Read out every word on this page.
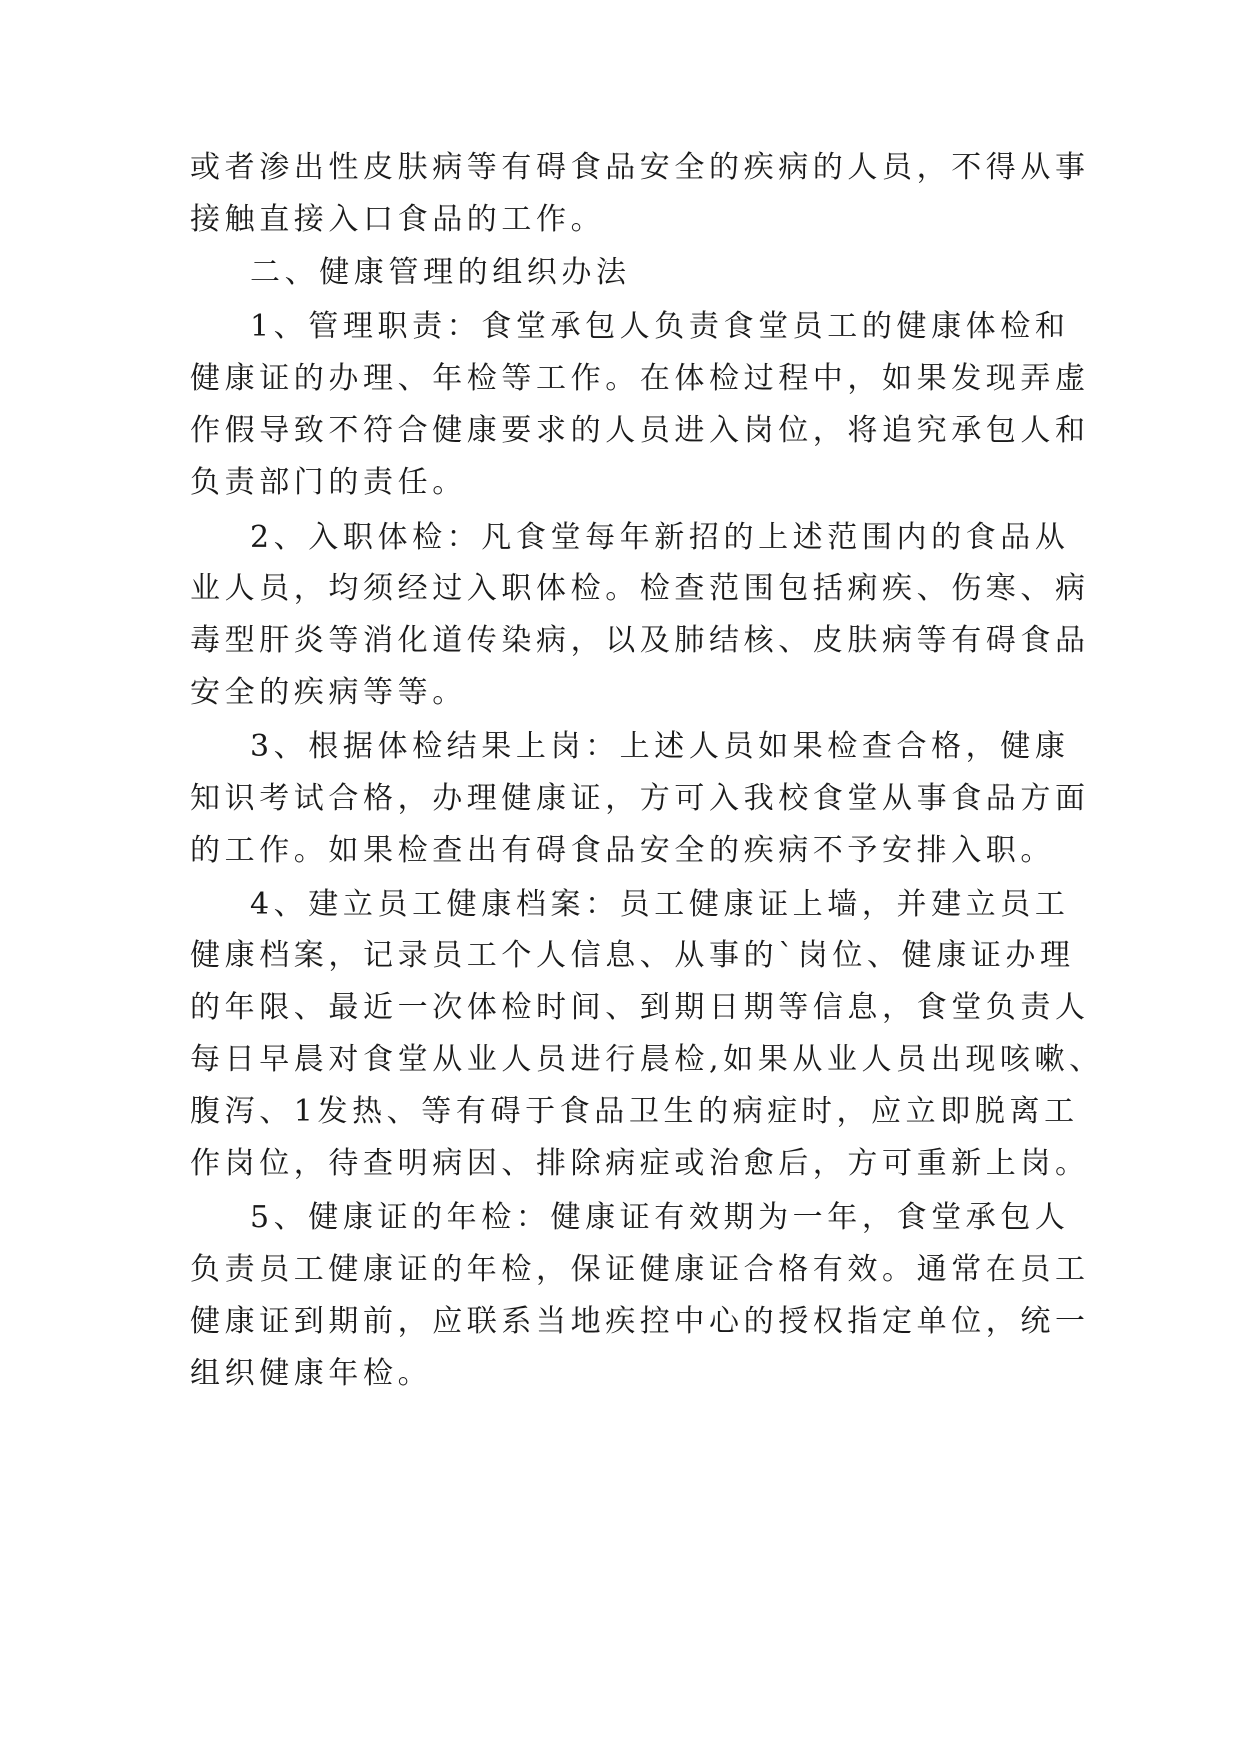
或者渗出性皮肤病等有碍食品安全的疾病的人员，不得从事
接触直接入口食品的工作。
二、健康管理的组织办法
1、管理职责：食堂承包人负责食堂员工的健康体检和
健康证的办理、年检等工作。在体检过程中，如果发现弄虚
作假导致不符合健康要求的人员进入岗位，将追究承包人和
负责部门的责任。
2、入职体检：凡食堂每年新招的上述范围内的食品从
业人员，均须经过入职体检。检查范围包括痢疾、伤寒、病
毒型肝炎等消化道传染病，以及肺结核、皮肤病等有碍食品
安全的疾病等等。
3、根据体检结果上岗：上述人员如果检查合格，健康
知识考试合格，办理健康证，方可入我校食堂从事食品方面
的工作。如果检查出有碍食品安全的疾病不予安排入职。
4、建立员工健康档案：员工健康证上墙，并建立员工
健康档案，记录员工个人信息、从事的`岗位、健康证办理
的年限、最近一次体检时间、到期日期等信息，食堂负责人
每日早晨对食堂从业人员进行晨检,如果从业人员出现咳嗽、
腹泻、1发热、等有碍于食品卫生的病症时，应立即脱离工
作岗位，待查明病因、排除病症或治愈后，方可重新上岗。
5、健康证的年检：健康证有效期为一年，食堂承包人
负责员工健康证的年检，保证健康证合格有效。通常在员工
健康证到期前，应联系当地疾控中心的授权指定单位，统一
组织健康年检。
